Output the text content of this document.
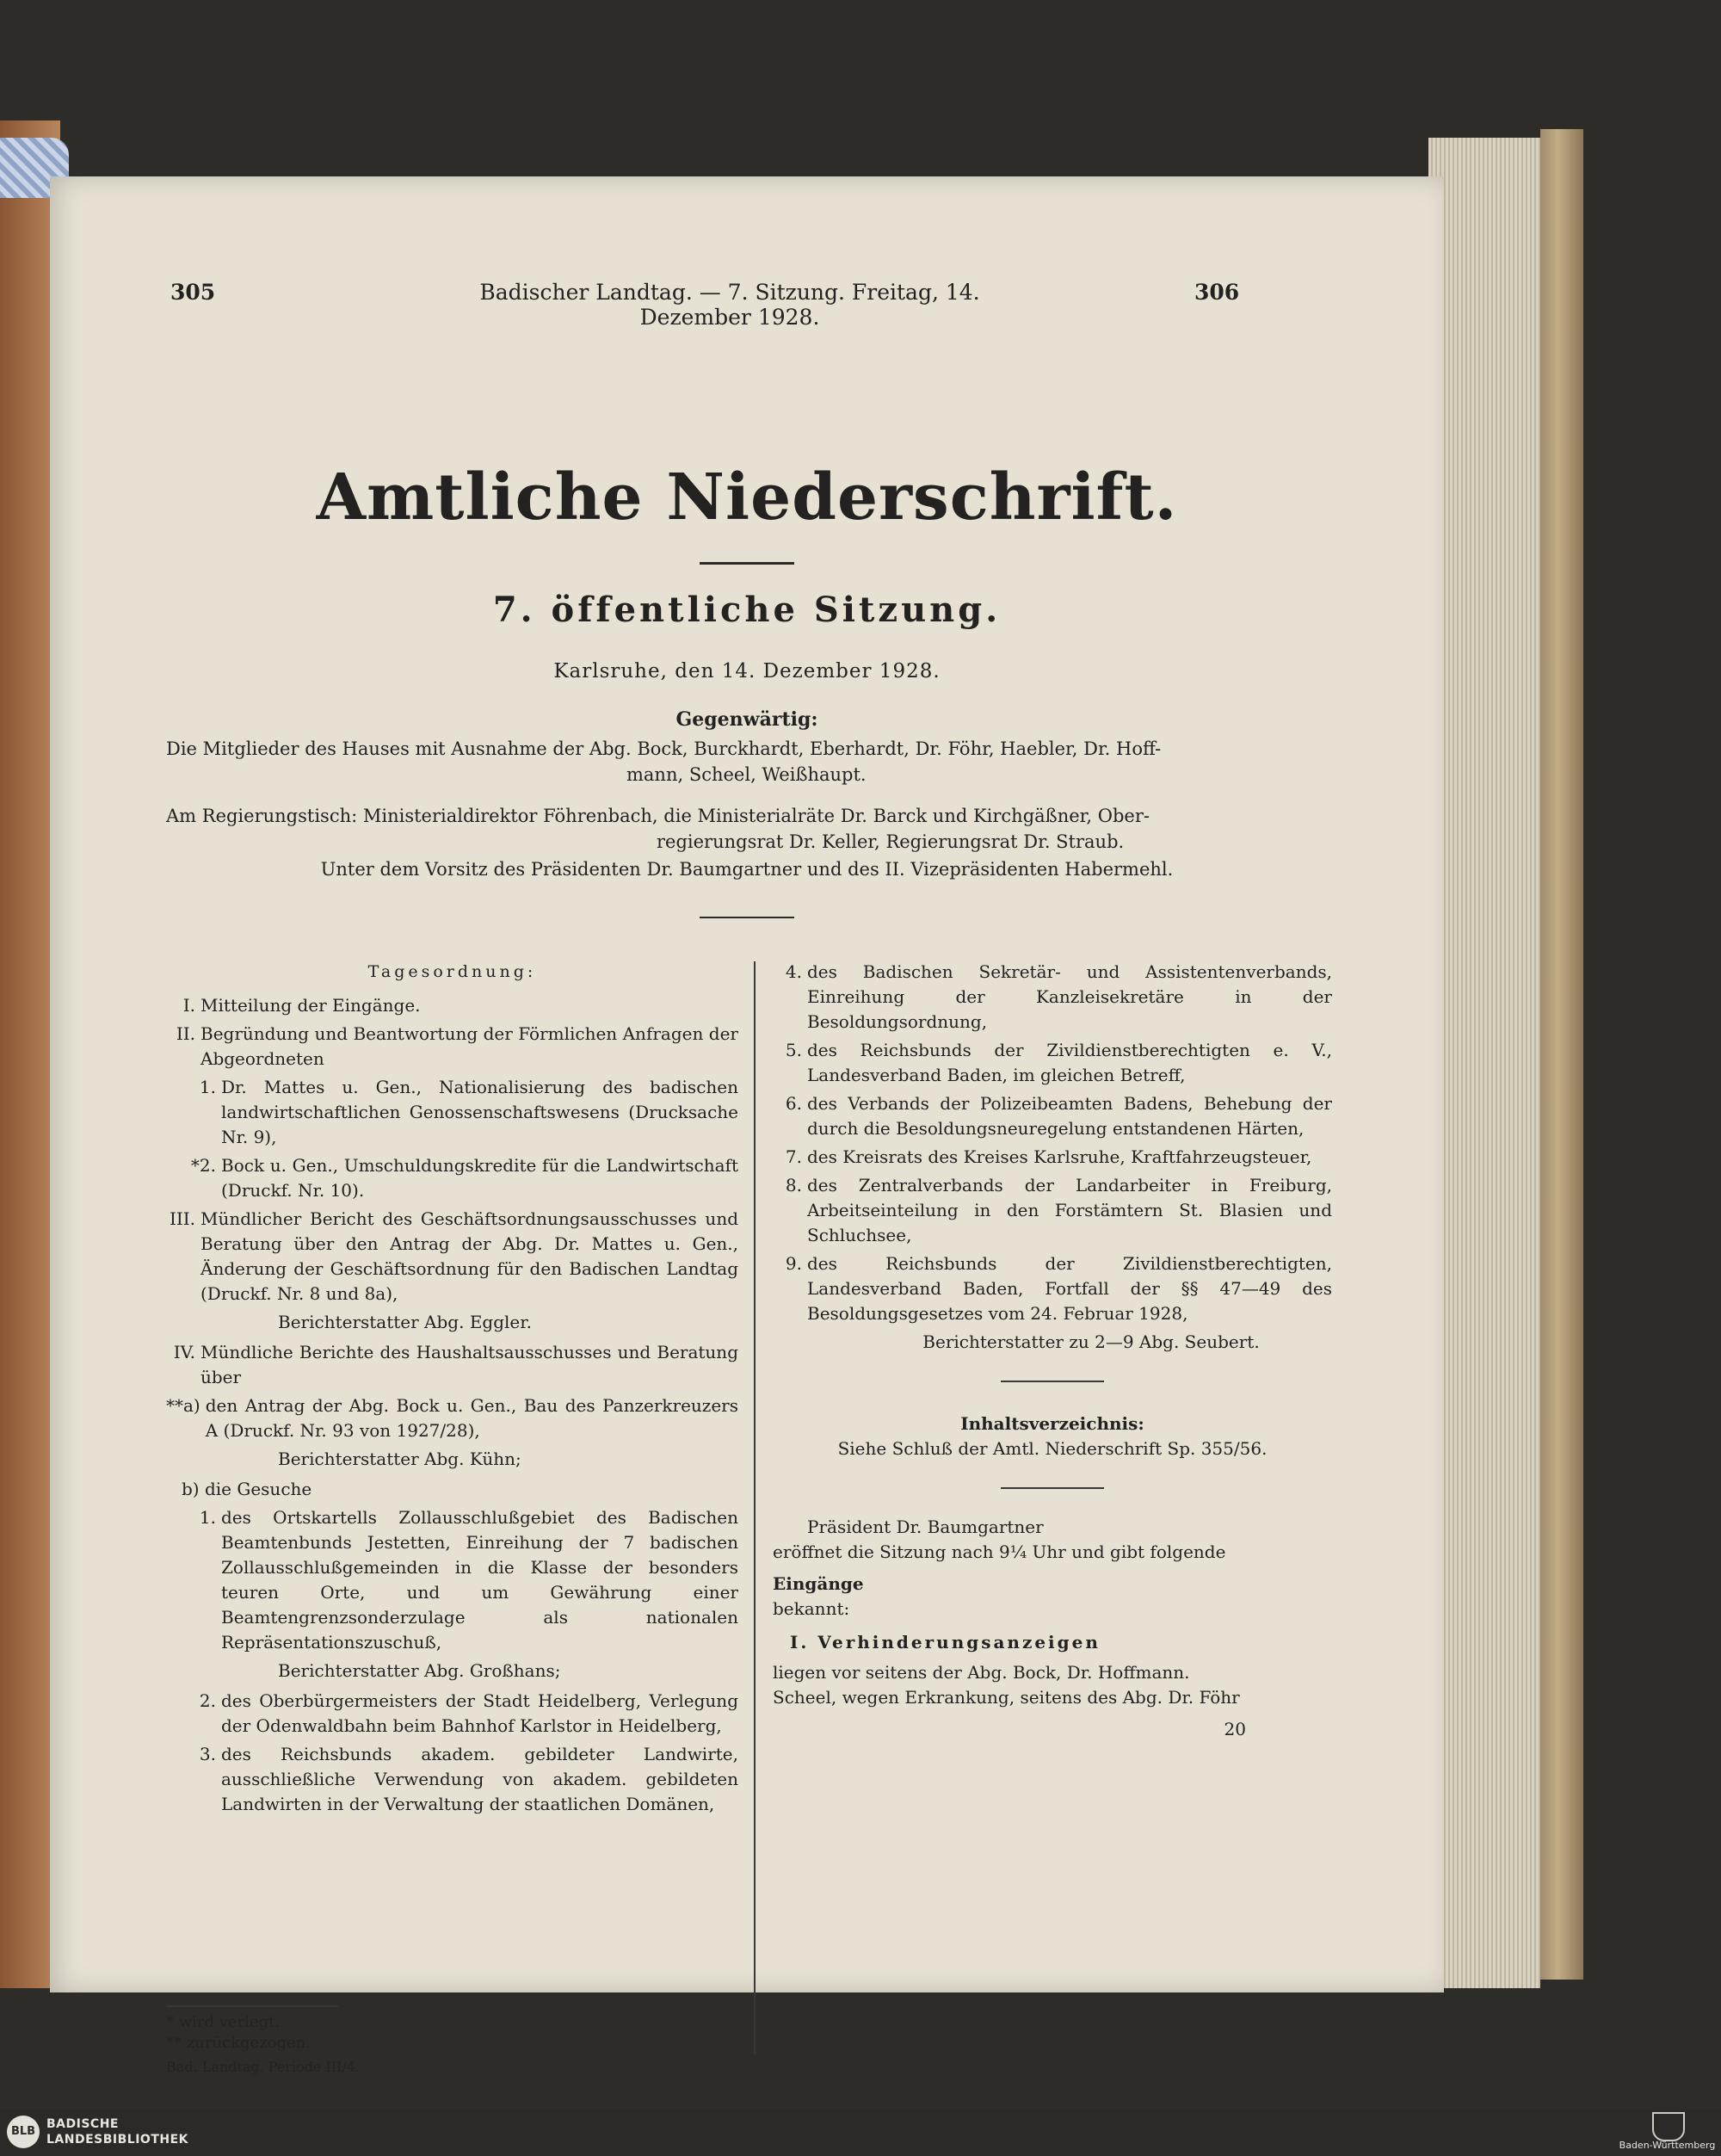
305	Badischer Landtag. — 7. Sitzung. Freitag, 14. Dezember 1928.
306
Amtliche Niederschrift.
7. öffentliche Sitzung.
Karlsruhe, den 14. Dezember 1928.
Gegenwärtig:
Die Mitglieder des Hauses mit Ausnahme der Abg. Bock, Burckhardt, Eberhardt, Dr. Föhr, Haebler, Dr. Hoff-
mann, Scheel, Weißhaupt.
Am Regierungstisch: Ministerialdirektor Föhrenbach, die Ministerialräte Dr. Barck und Kirchgäßner, Ober-
regierungsrat Dr. Keller, Regierungsrat Dr. Straub.
Unter dem Vorsitz des Präsidenten Dr. Baumgartner und des II. Vizepräsidenten Habermehl.
Tagesordnung:
I. Mitteilung der Eingänge.
II. Begründung und Beantwortung der Förmlichen Anfragen der Abgeordneten
1. Dr. Mattes u. Gen., Nationalisierung des badischen landwirtschaftlichen Genossenschaftswesens (Drucksache Nr. 9),
*2. Bock u. Gen., Umschuldungskredite für die Landwirtschaft (Druckf. Nr. 10).
III. Mündlicher Bericht des Geschäftsordnungsausschusses und Beratung über den Antrag der Abg. Dr. Mattes u. Gen., Änderung der Geschäftsordnung für den Badischen Landtag (Druckf. Nr. 8 und 8a),
Berichterstatter Abg. Eggler.
IV. Mündliche Berichte des Haushaltsausschusses und Beratung über
**a) den Antrag der Abg. Bock u. Gen., Bau des Panzerkreuzers A (Druckf. Nr. 93 von 1927/28),
Berichterstatter Abg. Kühn;
b) die Gesuche
1. des Ortskartells Zollausschlußgebiet des Badischen Beamtenbunds Jestetten, Einreihung der 7 badischen Zollausschlußgemeinden in die Klasse der besonders teuren Orte, und um Gewährung einer Beamtengrenzsonderzulage als nationalen Repräsentationszuschuß,
Berichterstatter Abg. Großhans;
2. des Oberbürgermeisters der Stadt Heidelberg, Verlegung der Odenwaldbahn beim Bahnhof Karlstor in Heidelberg,
3. des Reichsbunds akadem. gebildeter Landwirte, ausschließliche Verwendung von akadem. gebildeten Landwirten in der Verwaltung der staatlichen Domänen,
* wird verlegt.
** zurückgezogen.
Bad. Landtag. Periode III/4.
4. des Badischen Sekretär- und Assistentenverbands, Einreihung der Kanzleisekretäre in der Besoldungsordnung,
5. des Reichsbunds der Zivildienstberechtigten e. V., Landesverband Baden, im gleichen Betreff,
6. des Verbands der Polizeibeamten Badens, Behebung der durch die Besoldungsneuregelung entstandenen Härten,
7. des Kreisrats des Kreises Karlsruhe, Kraftfahrzeugsteuer,
8. des Zentralverbands der Landarbeiter in Freiburg, Arbeitseinteilung in den Forstämtern St. Blasien und Schluchsee,
9. des Reichsbunds der Zivildienstberechtigten, Landesverband Baden, Fortfall der §§ 47—49 des Besoldungsgesetzes vom 24. Februar 1928,
Berichterstatter zu 2—9 Abg. Seubert.
Inhaltsverzeichnis:
Siehe Schluß der Amtl. Niederschrift Sp. 355/56.
Präsident Dr. Baumgartner
eröffnet die Sitzung nach 9¼ Uhr und gibt folgende
Eingänge
bekannt:
I. Verhinderungsanzeigen
liegen vor seitens der Abg. Bock, Dr. Hoffmann.
Scheel, wegen Erkrankung, seitens des Abg. Dr. Föhr
20
BLB
BADISCHE
LANDESBIBLIOTHEK	Baden-Württemberg
